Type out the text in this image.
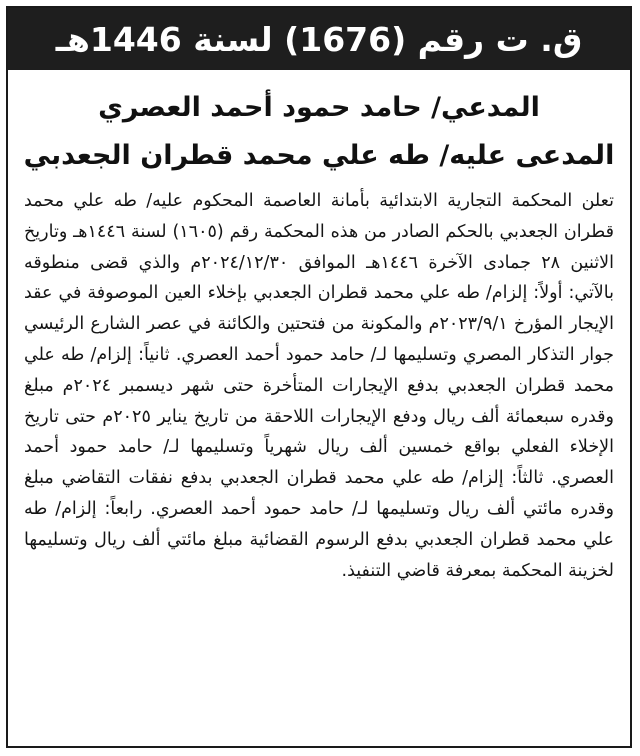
ق. ت رقم (1676) لسنة 1446هـ
المدعي/ حامد حمود أحمد العصري
المدعى عليه/ طه علي محمد قطران الجعدبي
تعلن المحكمة التجارية الابتدائية بأمانة العاصمة المحكوم عليه/ طه علي محمد قطران الجعدبي بالحكم الصادر من هذه المحكمة رقم (١٦٠٥) لسنة ١٤٤٦هـ وتاريخ الاثنين ٢٨ جمادى الآخرة ١٤٤٦هـ الموافق ٢٠٢٤/١٢/٣٠م والذي قضى منطوقه بالآتي: أولاً: إلزام/ طه علي محمد قطران الجعدبي بإخلاء العين الموصوفة في عقد الإيجار المؤرخ ٢٠٢٣/٩/١م والمكونة من فتحتين والكائنة في عصر الشارع الرئيسي جوار التذكار المصري وتسليمها لـ/ حامد حمود أحمد العصري. ثانياً: إلزام/ طه علي محمد قطران الجعدبي بدفع الإيجارات المتأخرة حتى شهر ديسمبر ٢٠٢٤م مبلغ وقدره سبعمائة ألف ريال ودفع الإيجارات اللاحقة من تاريخ يناير ٢٠٢٥م حتى تاريخ الإخلاء الفعلي بواقع خمسين ألف ريال شهرياً وتسليمها لـ/ حامد حمود أحمد العصري. ثالثاً: إلزام/ طه علي محمد قطران الجعدبي بدفع نفقات التقاضي مبلغ وقدره مائتي ألف ريال وتسليمها لـ/ حامد حمود أحمد العصري. رابعاً: إلزام/ طه علي محمد قطران الجعدبي بدفع الرسوم القضائية مبلغ مائتي ألف ريال وتسليمها لخزينة المحكمة بمعرفة قاضي التنفيذ.
